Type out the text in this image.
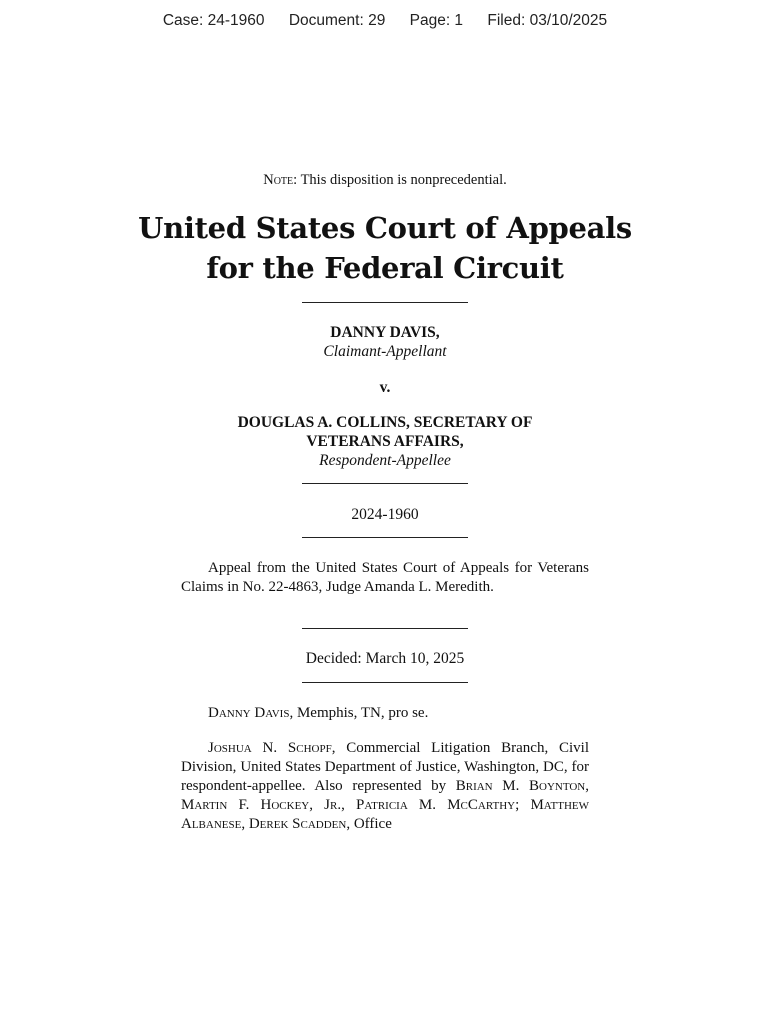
Case: 24-1960 Document: 29 Page: 1 Filed: 03/10/2025
Note: This disposition is nonprecedential.
United States Court of Appeals
for the Federal Circuit
DANNY DAVIS,
Claimant-Appellant
v.
DOUGLAS A. COLLINS, SECRETARY OF
VETERANS AFFAIRS,
Respondent-Appellee
2024-1960
Appeal from the United States Court of Appeals for Veterans Claims in No. 22-4863, Judge Amanda L. Meredith.
Decided: March 10, 2025
Danny Davis, Memphis, TN, pro se.
Joshua N. Schopf, Commercial Litigation Branch, Civil Division, United States Department of Justice, Washington, DC, for respondent-appellee. Also represented by Brian M. Boynton, Martin F. Hockey, Jr., Patricia M. McCarthy; Matthew Albanese, Derek Scadden, Office
